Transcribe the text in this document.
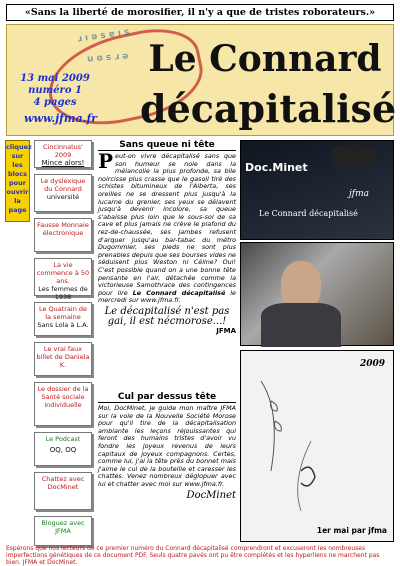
«Sans la liberté de morosifier, il n'y a que de tristes roborateurs.»
ɹ ı ǝ s ɐ ı s
u o s ɹ ǝ Le Connard
décapitalisé
13 mai 2009
numéro 1
4 pages
www.jfma.fr
cliquez sur les blocs pour ouvrir la page
Cincinnatus' 2009
Mince alors!
Le dyslexique du Connard
université
Fausse Monnaie électronique
La vie commence à 50 ans.
Les femmes de 1938
Le Quatrain de la semaine
Sans Lola à L.A.
Le vrai faux billet de Daniela K.
Le dossier de la Santé sociale individuelle
Le Podcast
OQ, OQ
Chattez avec DocMinet
Bloguez avec JFMA
Sans queue ni tête
Peut-on vivre décapitalisé sans que son humeur se noie dans la mélancolie la plus profonde, sa bile noircisse plus crasse que le gasoil tiré des schistes bitumineux de l'Alberta, ses oreilles ne se dressent plus jusqu'à la lucarne du grenier, ses yeux se délavent jusqu'à devenir incolore, sa queue s'abaisse plus loin que le sous-sol de sa cave et plus jamais ne crève le plafond du rez-de-chaussée, ses jambes refusent d'arquer jusqu'au bar-tabac du métro Dugommier, ses pieds ne sont plus prenables depuis que ses bourses vides ne séduisent plus Weston ni Céline? Oui! C'est possible quand on a une bonne tête pensante en l'air, détachée comme la victorieuse Samothrace des contingences pour lire Le Connard décapitalisé le mercredi sur www.jfma.fr.
Le décapitalisé n'est pas gai, il est nécmorose...!
JFMA
Doc.Minet
jfma
Le Connard décapitalisé
Cul par dessus tête
Moi, DocMinet, je guide mon maître JFMA sur la voie de la Nouvelle Société Morose pour qu'il tire de la décapitalisation ambiante les leçons réjouissantes qui feront des humains tristes d'avoir vu fondre les joyeux revenus de leurs capitaux de joyeux compagnons. Certes, comme lui, j'ai la tête près du bonnet mais j'aime le cul de la bouteille et caresser les chattes. Venez nombreux déglopuer avec lui et chatter avec moi sur www.jfma.fr.
DocMinet
2009
1er mai par jfma
Espérons que nos lecteurs de ce premier numéro du Connard décapitalisé comprendront et excuseront les nombreuses imperfections génétiques de ce document PDF. Seuls quatre pavés ont pu être complétés et les hyperliens ne marchent pas bien. JFMA et DocMinet.
